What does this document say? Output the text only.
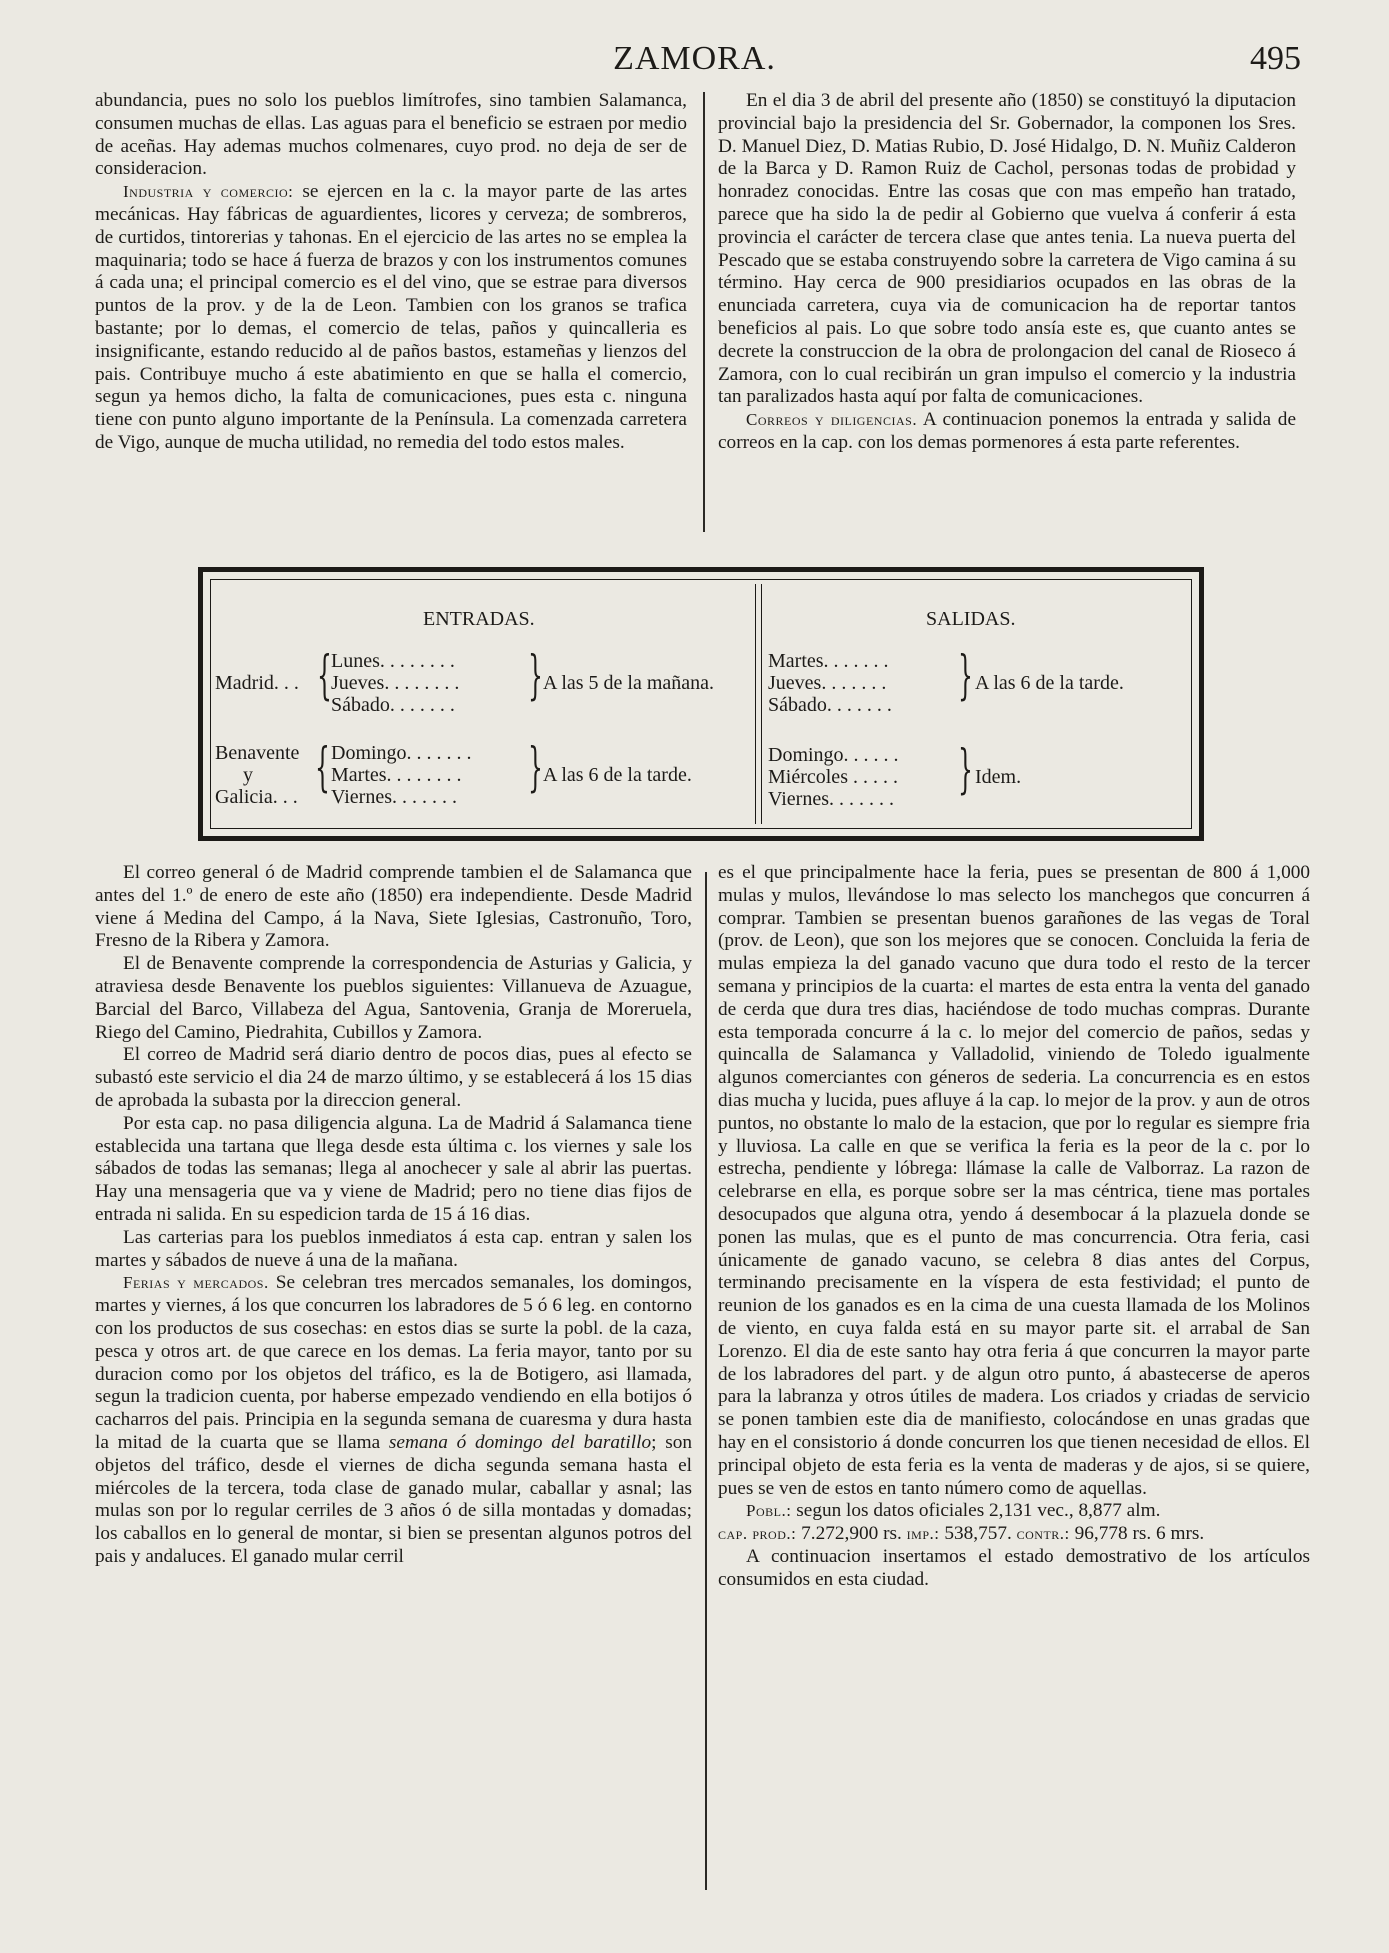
ZAMORA.	495

abundancia, pues no solo los pueblos limítrofes, sino tambien Salamanca, consumen muchas de ellas. Las aguas para el beneficio se estraen por medio de aceñas. Hay ademas muchos colmenares, cuyo prod. no deja de ser de consideracion.

Industria y comercio: se ejercen en la c. la mayor parte de las artes mecánicas. Hay fábricas de aguardientes, licores y cerveza; de sombreros, de curtidos, tintorerias y tahonas. En el ejercicio de las artes no se emplea la maquinaria; todo se hace á fuerza de brazos y con los instrumentos comunes á cada una; el principal comercio es el del vino, que se estrae para diversos puntos de la prov. y de la de Leon. Tambien con los granos se trafica bastante; por lo demas, el comercio de telas, paños y quincalleria es insignificante, estando reducido al de paños bastos, estameñas y lienzos del pais. Contribuye mucho á este abatimiento en que se halla el comercio, segun ya hemos dicho, la falta de comunicaciones, pues esta c. ninguna tiene con punto alguno importante de la Península. La comenzada carretera de Vigo, aunque de mucha utilidad, no remedia del todo estos males.

En el dia 3 de abril del presente año (1850) se constituyó la diputacion provincial bajo la presidencia del Sr. Gobernador, la componen los Sres. D. Manuel Diez, D. Matias Rubio, D. José Hidalgo, D. N. Muñiz Calderon de la Barca y D. Ramon Ruiz de Cachol, personas todas de probidad y honradez conocidas. Entre las cosas que con mas empeño han tratado, parece que ha sido la de pedir al Gobierno que vuelva á conferir á esta provincia el carácter de tercera clase que antes tenia. La nueva puerta del Pescado que se estaba construyendo sobre la carretera de Vigo camina á su término. Hay cerca de 900 presidiarios ocupados en las obras de la enunciada carretera, cuya via de comunicacion ha de reportar tantos beneficios al pais. Lo que sobre todo ansía este es, que cuanto antes se decrete la construccion de la obra de prolongacion del canal de Rioseco á Zamora, con lo cual recibirán un gran impulso el comercio y la industria tan paralizados hasta aquí por falta de comunicaciones.

Correos y diligencias. A continuacion ponemos la entrada y salida de correos en la cap. con los demas pormenores á esta parte referentes.

ENTRADAS.	SALIDAS.
Madrid. . . { Lunes. . . . . . . .
Jueves. . . . . . . .
Sábado. . . . . . . } A las 5 de la mañana.
Martes. . . . . . .
Jueves. . . . . . .
Sábado. . . . . . . } A las 6 de la tarde.
Benavente
y
Galicia. . . { Domingo. . . . . . .
Martes. . . . . . . .
Viernes. . . . . . . } A las 6 de la tarde.
Domingo. . . . . .
Miércoles . . . . .
Viernes. . . . . . . } Idem.

El correo general ó de Madrid comprende tambien el de Salamanca que antes del 1.º de enero de este año (1850) era independiente. Desde Madrid viene á Medina del Campo, á la Nava, Siete Iglesias, Castronuño, Toro, Fresno de la Ribera y Zamora.

El de Benavente comprende la correspondencia de Asturias y Galicia, y atraviesa desde Benavente los pueblos siguientes: Villanueva de Azuague, Barcial del Barco, Villabeza del Agua, Santovenia, Granja de Moreruela, Riego del Camino, Piedrahita, Cubillos y Zamora.

El correo de Madrid será diario dentro de pocos dias, pues al efecto se subastó este servicio el dia 24 de marzo último, y se establecerá á los 15 dias de aprobada la subasta por la direccion general.

Por esta cap. no pasa diligencia alguna. La de Madrid á Salamanca tiene establecida una tartana que llega desde esta última c. los viernes y sale los sábados de todas las semanas; llega al anochecer y sale al abrir las puertas. Hay una mensageria que va y viene de Madrid; pero no tiene dias fijos de entrada ni salida. En su espedicion tarda de 15 á 16 dias.

Las carterias para los pueblos inmediatos á esta cap. entran y salen los martes y sábados de nueve á una de la mañana.

Ferias y mercados. Se celebran tres mercados semanales, los domingos, martes y viernes, á los que concurren los labradores de 5 ó 6 leg. en contorno con los productos de sus cosechas: en estos dias se surte la pobl. de la caza, pesca y otros art. de que carece en los demas. La feria mayor, tanto por su duracion como por los objetos del tráfico, es la de Botigero, asi llamada, segun la tradicion cuenta, por haberse empezado vendiendo en ella botijos ó cacharros del pais. Principia en la segunda semana de cuaresma y dura hasta la mitad de la cuarta que se llama semana ó domingo del baratillo; son objetos del tráfico, desde el viernes de dicha segunda semana hasta el miércoles de la tercera, toda clase de ganado mular, caballar y asnal; las mulas son por lo regular cerriles de 3 años ó de silla montadas y domadas; los caballos en lo general de montar, si bien se presentan algunos potros del pais y andaluces. El ganado mular cerril

es el que principalmente hace la feria, pues se presentan de 800 á 1,000 mulas y mulos, llevándose lo mas selecto los manchegos que concurren á comprar. Tambien se presentan buenos garañones de las vegas de Toral (prov. de Leon), que son los mejores que se conocen. Concluida la feria de mulas empieza la del ganado vacuno que dura todo el resto de la tercer semana y principios de la cuarta: el martes de esta entra la venta del ganado de cerda que dura tres dias, haciéndose de todo muchas compras. Durante esta temporada concurre á la c. lo mejor del comercio de paños, sedas y quincalla de Salamanca y Valladolid, viniendo de Toledo igualmente algunos comerciantes con géneros de sederia. La concurrencia es en estos dias mucha y lucida, pues afluye á la cap. lo mejor de la prov. y aun de otros puntos, no obstante lo malo de la estacion, que por lo regular es siempre fria y lluviosa. La calle en que se verifica la feria es la peor de la c. por lo estrecha, pendiente y lóbrega: llámase la calle de Valborraz. La razon de celebrarse en ella, es porque sobre ser la mas céntrica, tiene mas portales desocupados que alguna otra, yendo á desembocar á la plazuela donde se ponen las mulas, que es el punto de mas concurrencia. Otra feria, casi únicamente de ganado vacuno, se celebra 8 dias antes del Corpus, terminando precisamente en la víspera de esta festividad; el punto de reunion de los ganados es en la cima de una cuesta llamada de los Molinos de viento, en cuya falda está en su mayor parte sit. el arrabal de San Lorenzo. El dia de este santo hay otra feria á que concurren la mayor parte de los labradores del part. y de algun otro punto, á abastecerse de aperos para la labranza y otros útiles de madera. Los criados y criadas de servicio se ponen tambien este dia de manifiesto, colocándose en unas gradas que hay en el consistorio á donde concurren los que tienen necesidad de ellos. El principal objeto de esta feria es la venta de maderas y de ajos, si se quiere, pues se ven de estos en tanto número como de aquellas.

Pobl.: segun los datos oficiales 2,131 vec., 8,877 alm.

cap. prod.: 7.272,900 rs. imp.: 538,757. contr.: 96,778 rs. 6 mrs.

A continuacion insertamos el estado demostrativo de los artículos consumidos en esta ciudad.
